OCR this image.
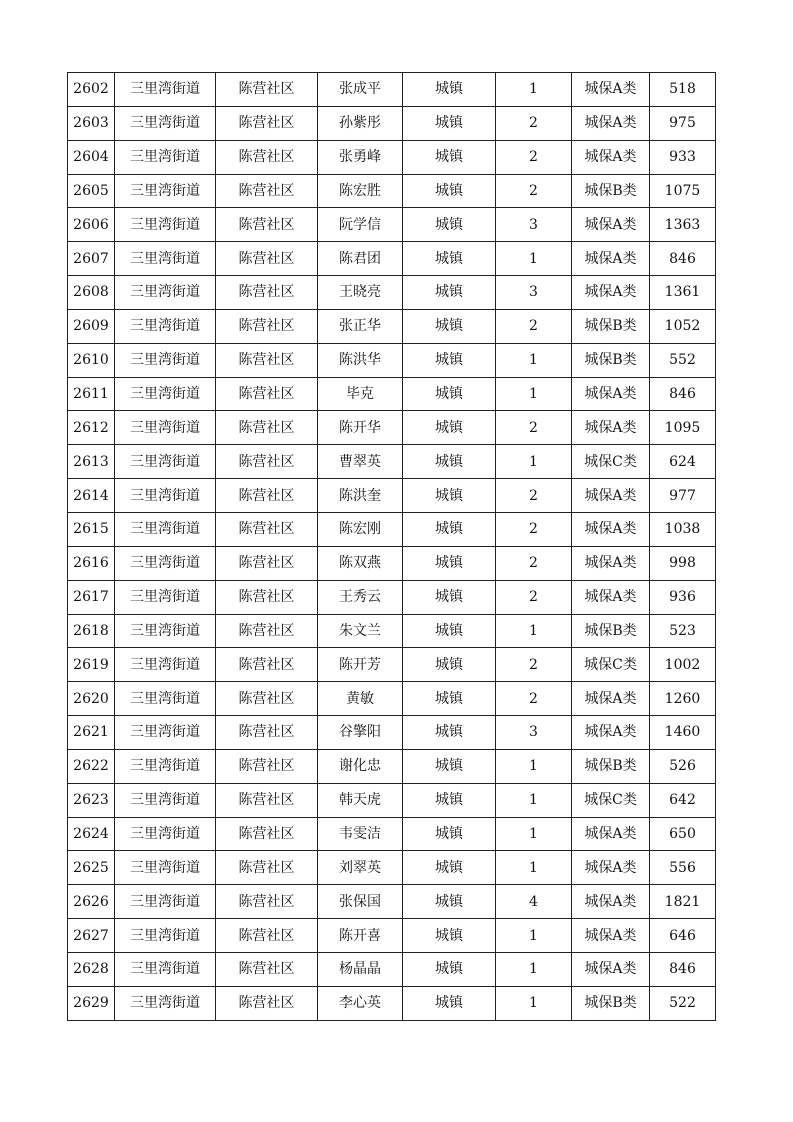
2602	三里湾街道	陈营社区	张成平	城镇	1	城保A类	518
2603	三里湾街道	陈营社区	孙紫彤	城镇	2	城保A类	975
2604	三里湾街道	陈营社区	张勇峰	城镇	2	城保A类	933
2605	三里湾街道	陈营社区	陈宏胜	城镇	2	城保B类	1075
2606	三里湾街道	陈营社区	阮学信	城镇	3	城保A类	1363
2607	三里湾街道	陈营社区	陈君团	城镇	1	城保A类	846
2608	三里湾街道	陈营社区	王晓亮	城镇	3	城保A类	1361
2609	三里湾街道	陈营社区	张正华	城镇	2	城保B类	1052
2610	三里湾街道	陈营社区	陈洪华	城镇	1	城保B类	552
2611	三里湾街道	陈营社区	毕克	城镇	1	城保A类	846
2612	三里湾街道	陈营社区	陈开华	城镇	2	城保A类	1095
2613	三里湾街道	陈营社区	曹翠英	城镇	1	城保C类	624
2614	三里湾街道	陈营社区	陈洪奎	城镇	2	城保A类	977
2615	三里湾街道	陈营社区	陈宏刚	城镇	2	城保A类	1038
2616	三里湾街道	陈营社区	陈双燕	城镇	2	城保A类	998
2617	三里湾街道	陈营社区	王秀云	城镇	2	城保A类	936
2618	三里湾街道	陈营社区	朱文兰	城镇	1	城保B类	523
2619	三里湾街道	陈营社区	陈开芳	城镇	2	城保C类	1002
2620	三里湾街道	陈营社区	黄敏	城镇	2	城保A类	1260
2621	三里湾街道	陈营社区	谷擎阳	城镇	3	城保A类	1460
2622	三里湾街道	陈营社区	谢化忠	城镇	1	城保B类	526
2623	三里湾街道	陈营社区	韩天虎	城镇	1	城保C类	642
2624	三里湾街道	陈营社区	韦雯洁	城镇	1	城保A类	650
2625	三里湾街道	陈营社区	刘翠英	城镇	1	城保A类	556
2626	三里湾街道	陈营社区	张保国	城镇	4	城保A类	1821
2627	三里湾街道	陈营社区	陈开喜	城镇	1	城保A类	646
2628	三里湾街道	陈营社区	杨晶晶	城镇	1	城保A类	846
2629	三里湾街道	陈营社区	李心英	城镇	1	城保B类	522
